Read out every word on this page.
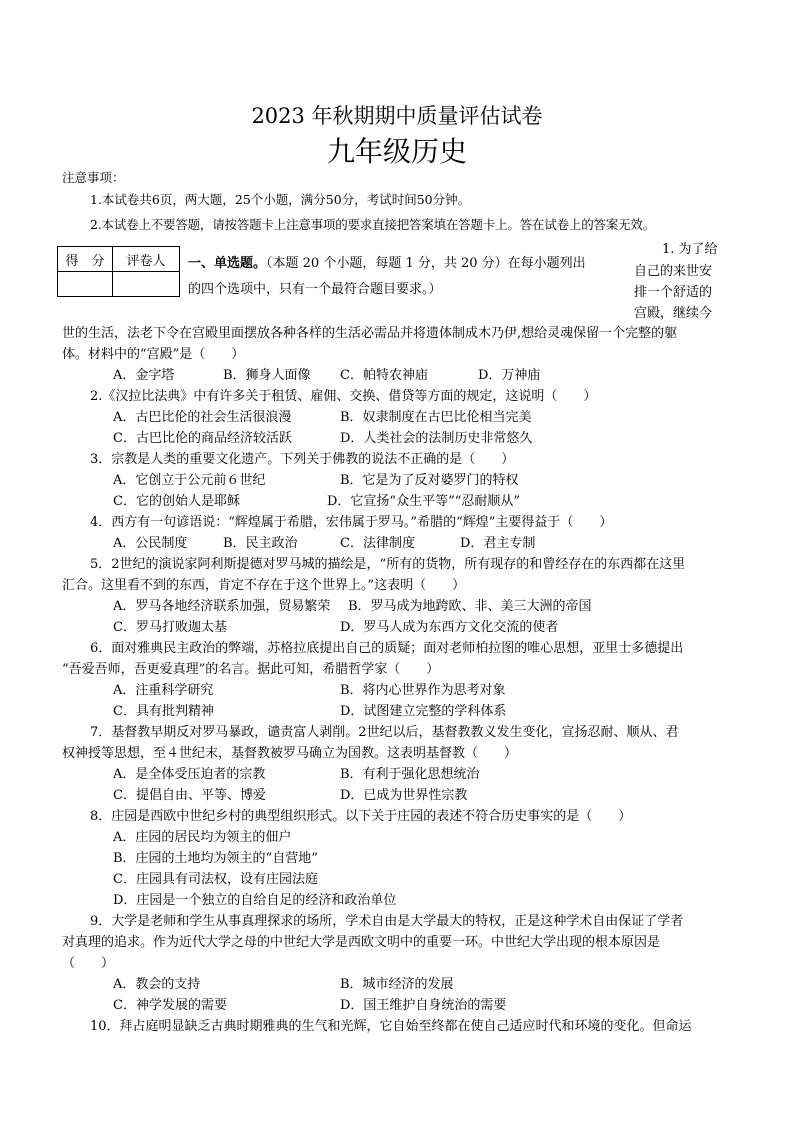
2023 年秋期期中质量评估试卷
九年级历史
注意事项：
1.本试卷共6页，两大题，25个小题，满分50分，考试时间50分钟。
2.本试卷上不要答题，请按答题卡上注意事项的要求直接把答案填在答题卡上。答在试卷上的答案无效。
得　分	评卷人
	一、单选题。（本题 20 个小题，每题 1 分，共 20 分）在每小题列出
的四个选项中，只有一个最符合题目要求。）
1. 为了给
自己的来世安
排一个舒适的
宫殿，继续今
世的生活，法老下令在宫殿里面摆放各种各样的生活必需品并将遗体制成木乃伊,想给灵魂保留一个完整的躯
体。材料中的“宫殿”是（　　）
A．金字塔	B．狮身人面像 C．帕特农神庙	D．万神庙
2.《汉拉比法典》中有许多关于租赁、雇佣、交换、借贷等方面的规定，这说明（　　）
A．古巴比伦的社会生活很浪漫	B．奴隶制度在古巴比伦相当完美
C．古巴比伦的商品经济较活跃	D．人类社会的法制历史非常悠久
3．宗教是人类的重要文化遗产。下列关于佛教的说法不正确的是（　　）
A．它创立于公元前６世纪	B．它是为了反对婆罗门的特权
C．它的创始人是耶稣	D．它宣扬“众生平等”“忍耐顺从”
4．西方有一句谚语说：“辉煌属于希腊，宏伟属于罗马。”希腊的“辉煌”主要得益于（　　）
A．公民制度	B．民主政治	C．法律制度	D．君主专制
5．2世纪的演说家阿利斯提德对罗马城的描绘是，“所有的货物，所有现存的和曾经存在的东西都在这里
汇合。这里看不到的东西，肯定不存在于这个世界上。”这表明（　　）
A．罗马各地经济联系加强，贸易繁荣 B．罗马成为地跨欧、非、美三大洲的帝国
C．罗马打败迦太基	D．罗马人成为东西方文化交流的使者
6．面对雅典民主政治的弊端，苏格拉底提出自己的质疑；面对老师柏拉图的唯心思想，亚里士多德提出
“吾爱吾师，吾更爱真理”的名言。据此可知，希腊哲学家（　　）
A．注重科学研究	B．将内心世界作为思考对象
C．具有批判精神	D．试图建立完整的学科体系
7．基督教早期反对罗马暴政，谴责富人剥削。2世纪以后，基督教教义发生变化，宣扬忍耐、顺从、君
权神授等思想，至４世纪末，基督教被罗马确立为国教。这表明基督教（　　）
A．是全体受压迫者的宗教	B．有利于强化思想统治
C．提倡自由、平等、博爱	D．已成为世界性宗教
8．庄园是西欧中世纪乡村的典型组织形式。以下关于庄园的表述不符合历史事实的是（　　）
A．庄园的居民均为领主的佃户
B．庄园的土地均为领主的“自营地”
C．庄园具有司法权，设有庄园法庭
D．庄园是一个独立的自给自足的经济和政治单位
9．大学是老师和学生从事真理探求的场所，学术自由是大学最大的特权，正是这种学术自由保证了学者
对真理的追求。作为近代大学之母的中世纪大学是西欧文明中的重要一环。中世纪大学出现的根本原因是
（　　）
A．教会的支持	B．城市经济的发展
C．神学发展的需要	D．国王维护自身统治的需要
10．拜占庭明显缺乏古典时期雅典的生气和光辉，它自始至终都在使自己适应时代和环境的变化。但命运
